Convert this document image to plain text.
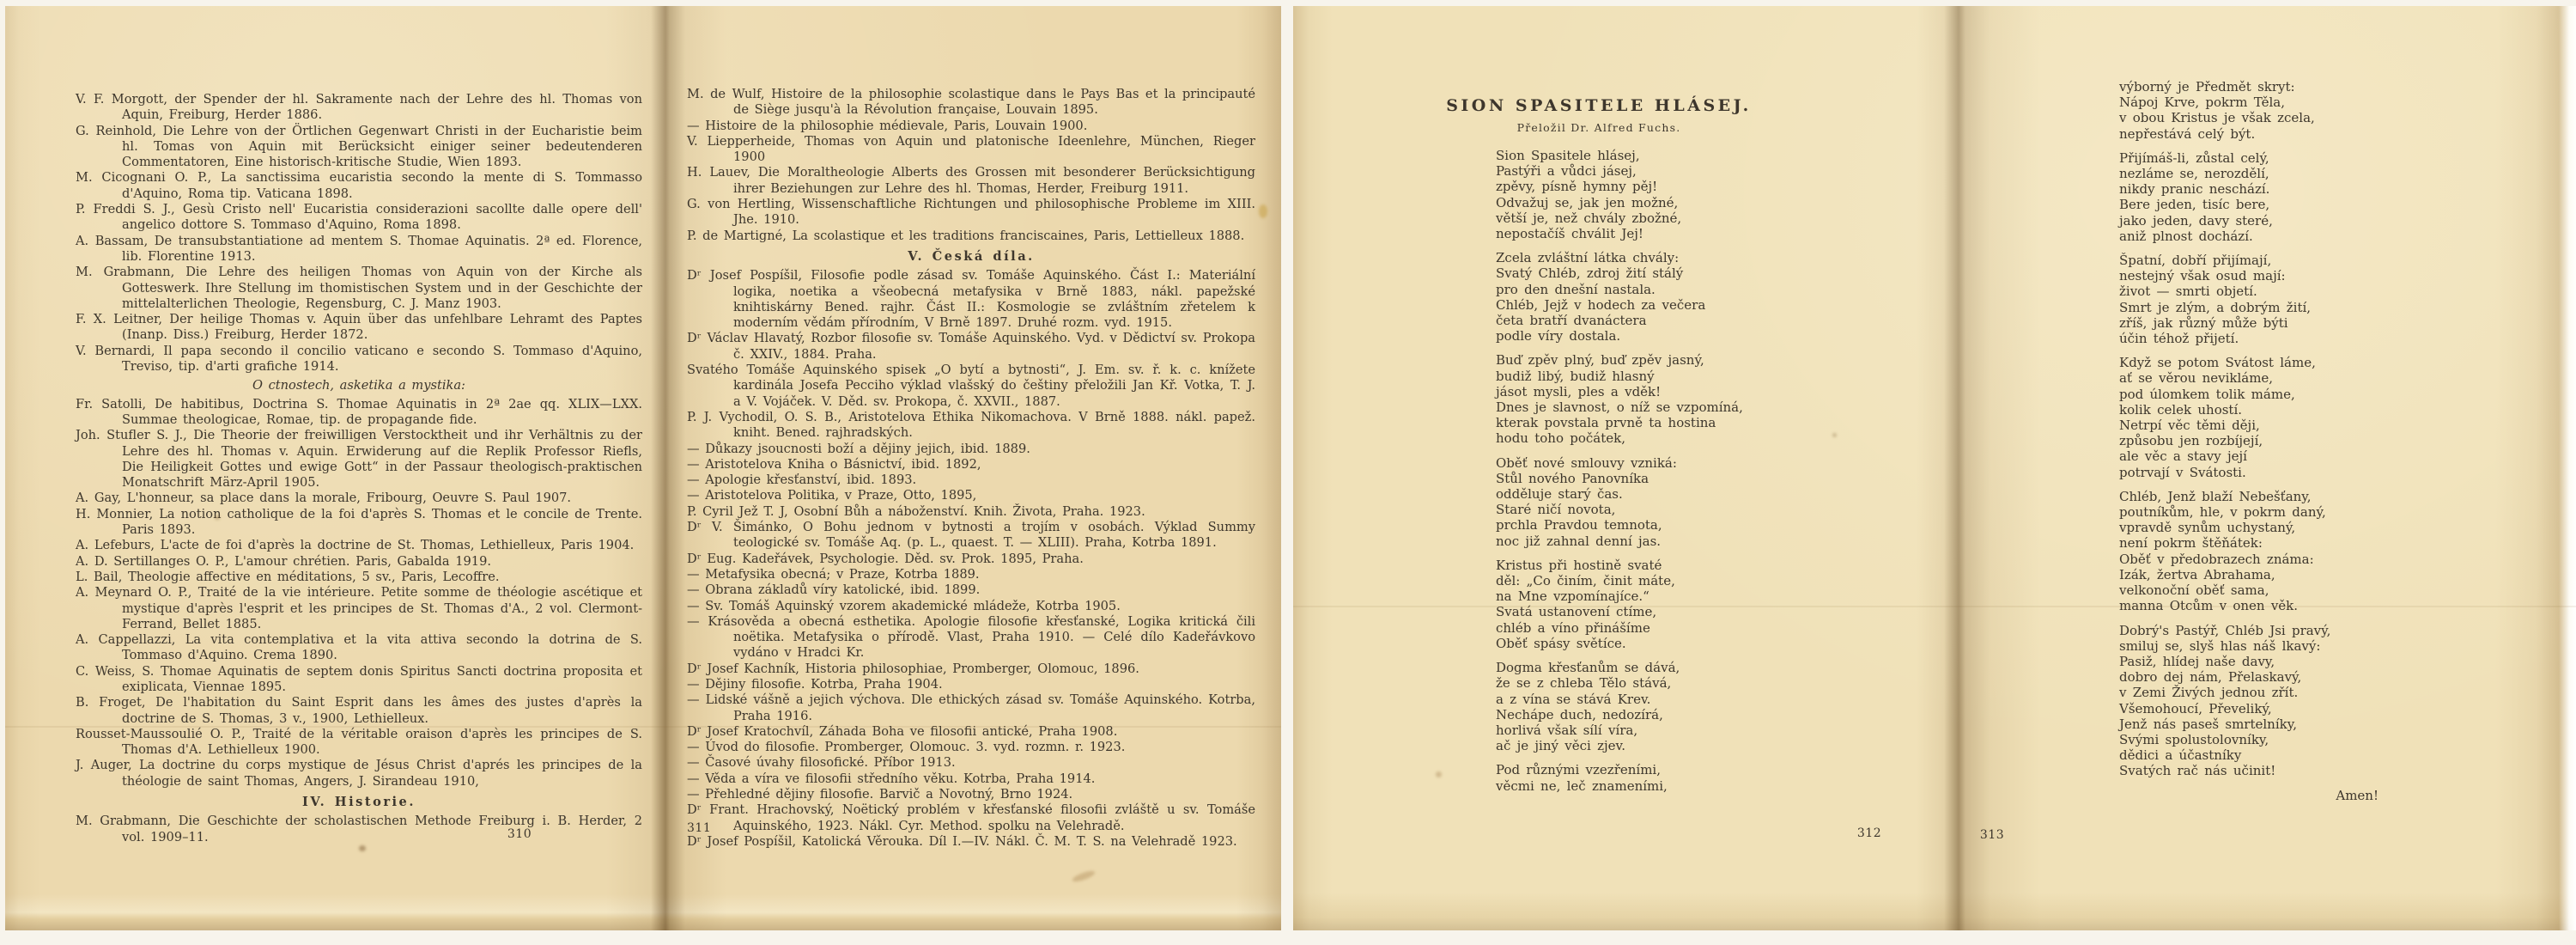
V. F. Morgott, der Spender der hl. Sakramente nach der Lehre des hl. Thomas von Aquin, Freiburg, Herder 1886.
G. Reinhold, Die Lehre von der Örtlichen Gegenwart Christi in der Eucharistie beim hl. Tomas von Aquin mit Berücksicht einiger seiner bedeutenderen Commentatoren, Eine historisch-kritische Studie, Wien 1893.
M. Cicognani O. P., La sanctissima eucaristia secondo la mente di S. Tommasso d'Aquino, Roma tip. Vaticana 1898.
P. Freddi S. J., Gesù Cristo nell' Eucaristia considerazioni sacollte dalle opere dell' angelico dottore S. Tommaso d'Aquino, Roma 1898.
A. Bassam, De transubstantiatione ad mentem S. Thomae Aquinatis. 2ª ed. Florence, lib. Florentine 1913.
M. Grabmann, Die Lehre des heiligen Thomas von Aquin von der Kirche als Gotteswerk. Ihre Stellung im thomistischen System und in der Geschichte der mittelalterlichen Theologie, Regensburg, C. J. Manz 1903.
F. X. Leitner, Der heilige Thomas v. Aquin über das unfehlbare Lehramt des Paptes (Inanp. Diss.) Freiburg, Herder 1872.
V. Bernardi, Il papa secondo il concilio vaticano e secondo S. Tommaso d'Aquino, Treviso, tip. d'arti grafiche 1914.
O ctnostech, asketika a mystika:
Fr. Satolli, De habitibus, Doctrina S. Thomae Aquinatis in 2ª 2ae qq. XLIX—LXX. Summae theologicae, Romae, tip. de propagande fide.
Joh. Stufler S. J., Die Theorie der freiwilligen Verstocktheit und ihr Verhältnis zu der Lehre des hl. Thomas v. Aquin. Erwiderung auf die Replik Professor Riefls, Die Heiligkeit Gottes und ewige Gott“ in der Passaur theologisch-praktischen Monatschrift März-April 1905.
A. Gay, L'honneur, sa place dans la morale, Fribourg, Oeuvre S. Paul 1907.
H. Monnier, La notion catholique de la foi d'après S. Thomas et le concile de Trente. Paris 1893.
A. Lefeburs, L'acte de foi d'après la doctrine de St. Thomas, Lethielleux, Paris 1904.
A. D. Sertillanges O. P., L'amour chrétien. Paris, Gabalda 1919.
L. Bail, Theologie affective en méditations, 5 sv., Paris, Lecoffre.
A. Meynard O. P., Traité de la vie intérieure. Petite somme de théologie ascétique et mystique d'après l'esprit et les principes de St. Thomas d'A., 2 vol. Clermont-Ferrand, Bellet 1885.
A. Cappellazzi, La vita contemplativa et la vita attiva secondo la dotrina de S. Tommaso d'Aquino. Crema 1890.
C. Weiss, S. Thomae Aquinatis de septem donis Spiritus Sancti doctrina proposita et exiplicata, Viennae 1895.
B. Froget, De l'habitation du Saint Esprit dans les âmes des justes d'après la doctrine de S. Thomas, 3 v., 1900, Lethielleux.
Rousset-Maussoulié O. P., Traité de la véritable oraison d'après les principes de S. Thomas d'A. Lethielleux 1900.
J. Auger, La doctrine du corps mystique de Jésus Christ d'aprés les principes de la théologie de saint Thomas, Angers, J. Sirandeau 1910,
IV. Historie.
M. Grabmann, Die Geschichte der scholastischen Methode Freiburg i. B. Herder, 2 vol. 1909–11.	310
M. de Wulf, Histoire de la philosophie scolastique dans le Pays Bas et la principauté de Siège jusqu'à la Révolution française, Louvain 1895.
— Histoire de la philosophie médievale, Paris, Louvain 1900.
V. Liepperheide, Thomas von Aquin und platonische Ideenlehre, München, Rieger 1900
H. Lauev, Die Moraltheologie Alberts des Grossen mit besonderer Berücksichtigung ihrer Beziehungen zur Lehre des hl. Thomas, Herder, Freiburg 1911.
G. von Hertling, Wissenschaftliche Richtungen und philosophische Probleme im XIII. Jhe. 1910.
P. de Martigné, La scolastique et les traditions franciscaines, Paris, Lettielleux 1888.
V. Česká díla.
Dʳ Josef Pospíšil, Filosofie podle zásad sv. Tomáše Aquinského. Část I.: Materiální logika, noetika a všeobecná metafysika v Brně 1883, nákl. papežské knihtiskárny Bened. rajhr. Část II.: Kosmologie se zvláštním zřetelem k moderním vědám přírodním, V Brně 1897. Druhé rozm. vyd. 1915.
Dʳ Václav Hlavatý, Rozbor filosofie sv. Tomáše Aquinského. Vyd. v Dědictví sv. Prokopa č. XXIV., 1884. Praha.
Svatého Tomáše Aquinského spisek „O bytí a bytnosti“, J. Em. sv. ř. k. c. knížete kardinála Josefa Pecciho výklad vlašský do češtiny přeložili Jan Kř. Votka, T. J. a V. Vojáček. V. Děd. sv. Prokopa, č. XXVII., 1887.
P. J. Vychodil, O. S. B., Aristotelova Ethika Nikomachova. V Brně 1888. nákl. papež. kniht. Bened. rajhradských.
— Důkazy jsoucnosti boží a dějiny jejich, ibid. 1889.
— Aristotelova Kniha o Básnictví, ibid. 1892,
— Apologie křesťanství, ibid. 1893.
— Aristotelova Politika, v Praze, Otto, 1895,
P. Cyril Jež T. J, Osobní Bůh a náboženství. Knih. Života, Praha. 1923.
Dʳ V. Šimánko, O Bohu jednom v bytnosti a trojím v osobách. Výklad Summy teologické sv. Tomáše Aq. (p. L., quaest. T. — XLIII). Praha, Kotrba 1891.
Dʳ Eug. Kadeřávek, Psychologie. Děd. sv. Prok. 1895, Praha.
— Metafysika obecná; v Praze, Kotrba 1889.
— Obrana základů víry katolické, ibid. 1899.
— Sv. Tomáš Aquinský vzorem akademické mládeže, Kotrba 1905.
— Krásověda a obecná esthetika. Apologie filosofie křesťanské, Logika kritická čili noëtika. Metafysika o přírodě. Vlast, Praha 1910. — Celé dílo Kadeřávkovo vydáno v Hradci Kr.
Dʳ Josef Kachník, Historia philosophiae, Promberger, Olomouc, 1896.
— Dějiny filosofie. Kotrba, Praha 1904.
— Lidské vášně a jejich výchova. Dle ethických zásad sv. Tomáše Aquinského. Kotrba, Praha 1916.
Dʳ Josef Kratochvíl, Záhada Boha ve filosofii antické, Praha 1908.
— Úvod do filosofie. Promberger, Olomouc. 3. vyd. rozmn. r. 1923.
— Časové úvahy filosofické. Příbor 1913.
— Věda a víra ve filosofii středního věku. Kotrba, Praha 1914.
— Přehledné dějiny filosofie. Barvič a Novotný, Brno 1924.
Dʳ Frant. Hrachovský, Noëtický problém v křesťanské filosofii zvláště u sv. Tomáše Aquinského, 1923. Nákl. Cyr. Method. spolku na Velehradě.
Dʳ Josef Pospíšil, Katolická Věrouka. Díl I.—IV. Nákl. Č. M. T. S. na Velehradě 1923.
311
SION SPASITELE HLÁSEJ.
Přeložil Dr. Alfred Fuchs.
Sion Spasitele hlásej,
Pastýři a vůdci jásej,
zpěvy, písně hymny pěj!
Odvažuj se, jak jen možné,
větší je, než chvály zbožné,
nepostačíš chválit Jej!
Zcela zvláštní látka chvály:
Svatý Chléb, zdroj žití stálý
pro den dnešní nastala.
Chléb, Jejž v hodech za večera
četa bratří dvanáctera
podle víry dostala.
Buď zpěv plný, buď zpěv jasný,
budiž libý, budiž hlasný
jásot mysli, ples a vděk!
Dnes je slavnost, o níž se vzpomíná,
kterak povstala prvně ta hostina
hodu toho počátek,
Oběť nové smlouvy vzniká:
Stůl nového Panovníka
odděluje starý čas.
Staré ničí novota,
prchla Pravdou temnota,
noc již zahnal denní jas.
Kristus při hostině svaté
děl: „Co činím, činit máte,
na Mne vzpomínajíce.“
Svatá ustanovení ctíme,
chléb a víno přinášíme
Oběť spásy světíce.
Dogma křesťanům se dává,
že se z chleba Tělo stává,
a z vína se stává Krev.
Nechápe duch, nedozírá,
horlivá však sílí víra,
ač je jiný věci zjev.
Pod různými vzezřeními,
věcmi ne, leč znameními,
312
výborný je Předmět skryt:
Nápoj Krve, pokrm Těla,
v obou Kristus je však zcela,
nepřestává celý být.
Přijímáš-li, zůstal celý,
nezláme se, nerozdělí,
nikdy pranic neschází.
Bere jeden, tisíc bere,
jako jeden, davy steré,
aniž plnost dochází.
Špatní, dobří přijímají,
nestejný však osud mají:
život — smrti objetí.
Smrt je zlým, a dobrým žití,
zříš, jak různý může býti
účin téhož přijetí.
Když se potom Svátost láme,
ať se věrou nevikláme,
pod úlomkem tolik máme,
kolik celek uhostí.
Netrpí věc těmi ději,
způsobu jen rozbíjejí,
ale věc a stavy její
potrvají v Svátosti.
Chléb, Jenž blaží Nebešťany,
poutníkům, hle, v pokrm daný,
vpravdě synům uchystaný,
není pokrm štěňátek:
Oběť v předobrazech známa:
Izák, žertva Abrahama,
velkonoční oběť sama,
manna Otcům v onen věk.
Dobrý's Pastýř, Chléb Jsi pravý,
smiluj se, slyš hlas náš lkavý:
Pasiž, hlídej naše davy,
dobro dej nám, Přelaskavý,
v Zemi Živých jednou zřít.
Všemohoucí, Převeliký,
Jenž nás paseš smrtelníky,
Svými spolustolovníky,
dědici a účastníky
Svatých rač nás učinit!
Amen!
313
